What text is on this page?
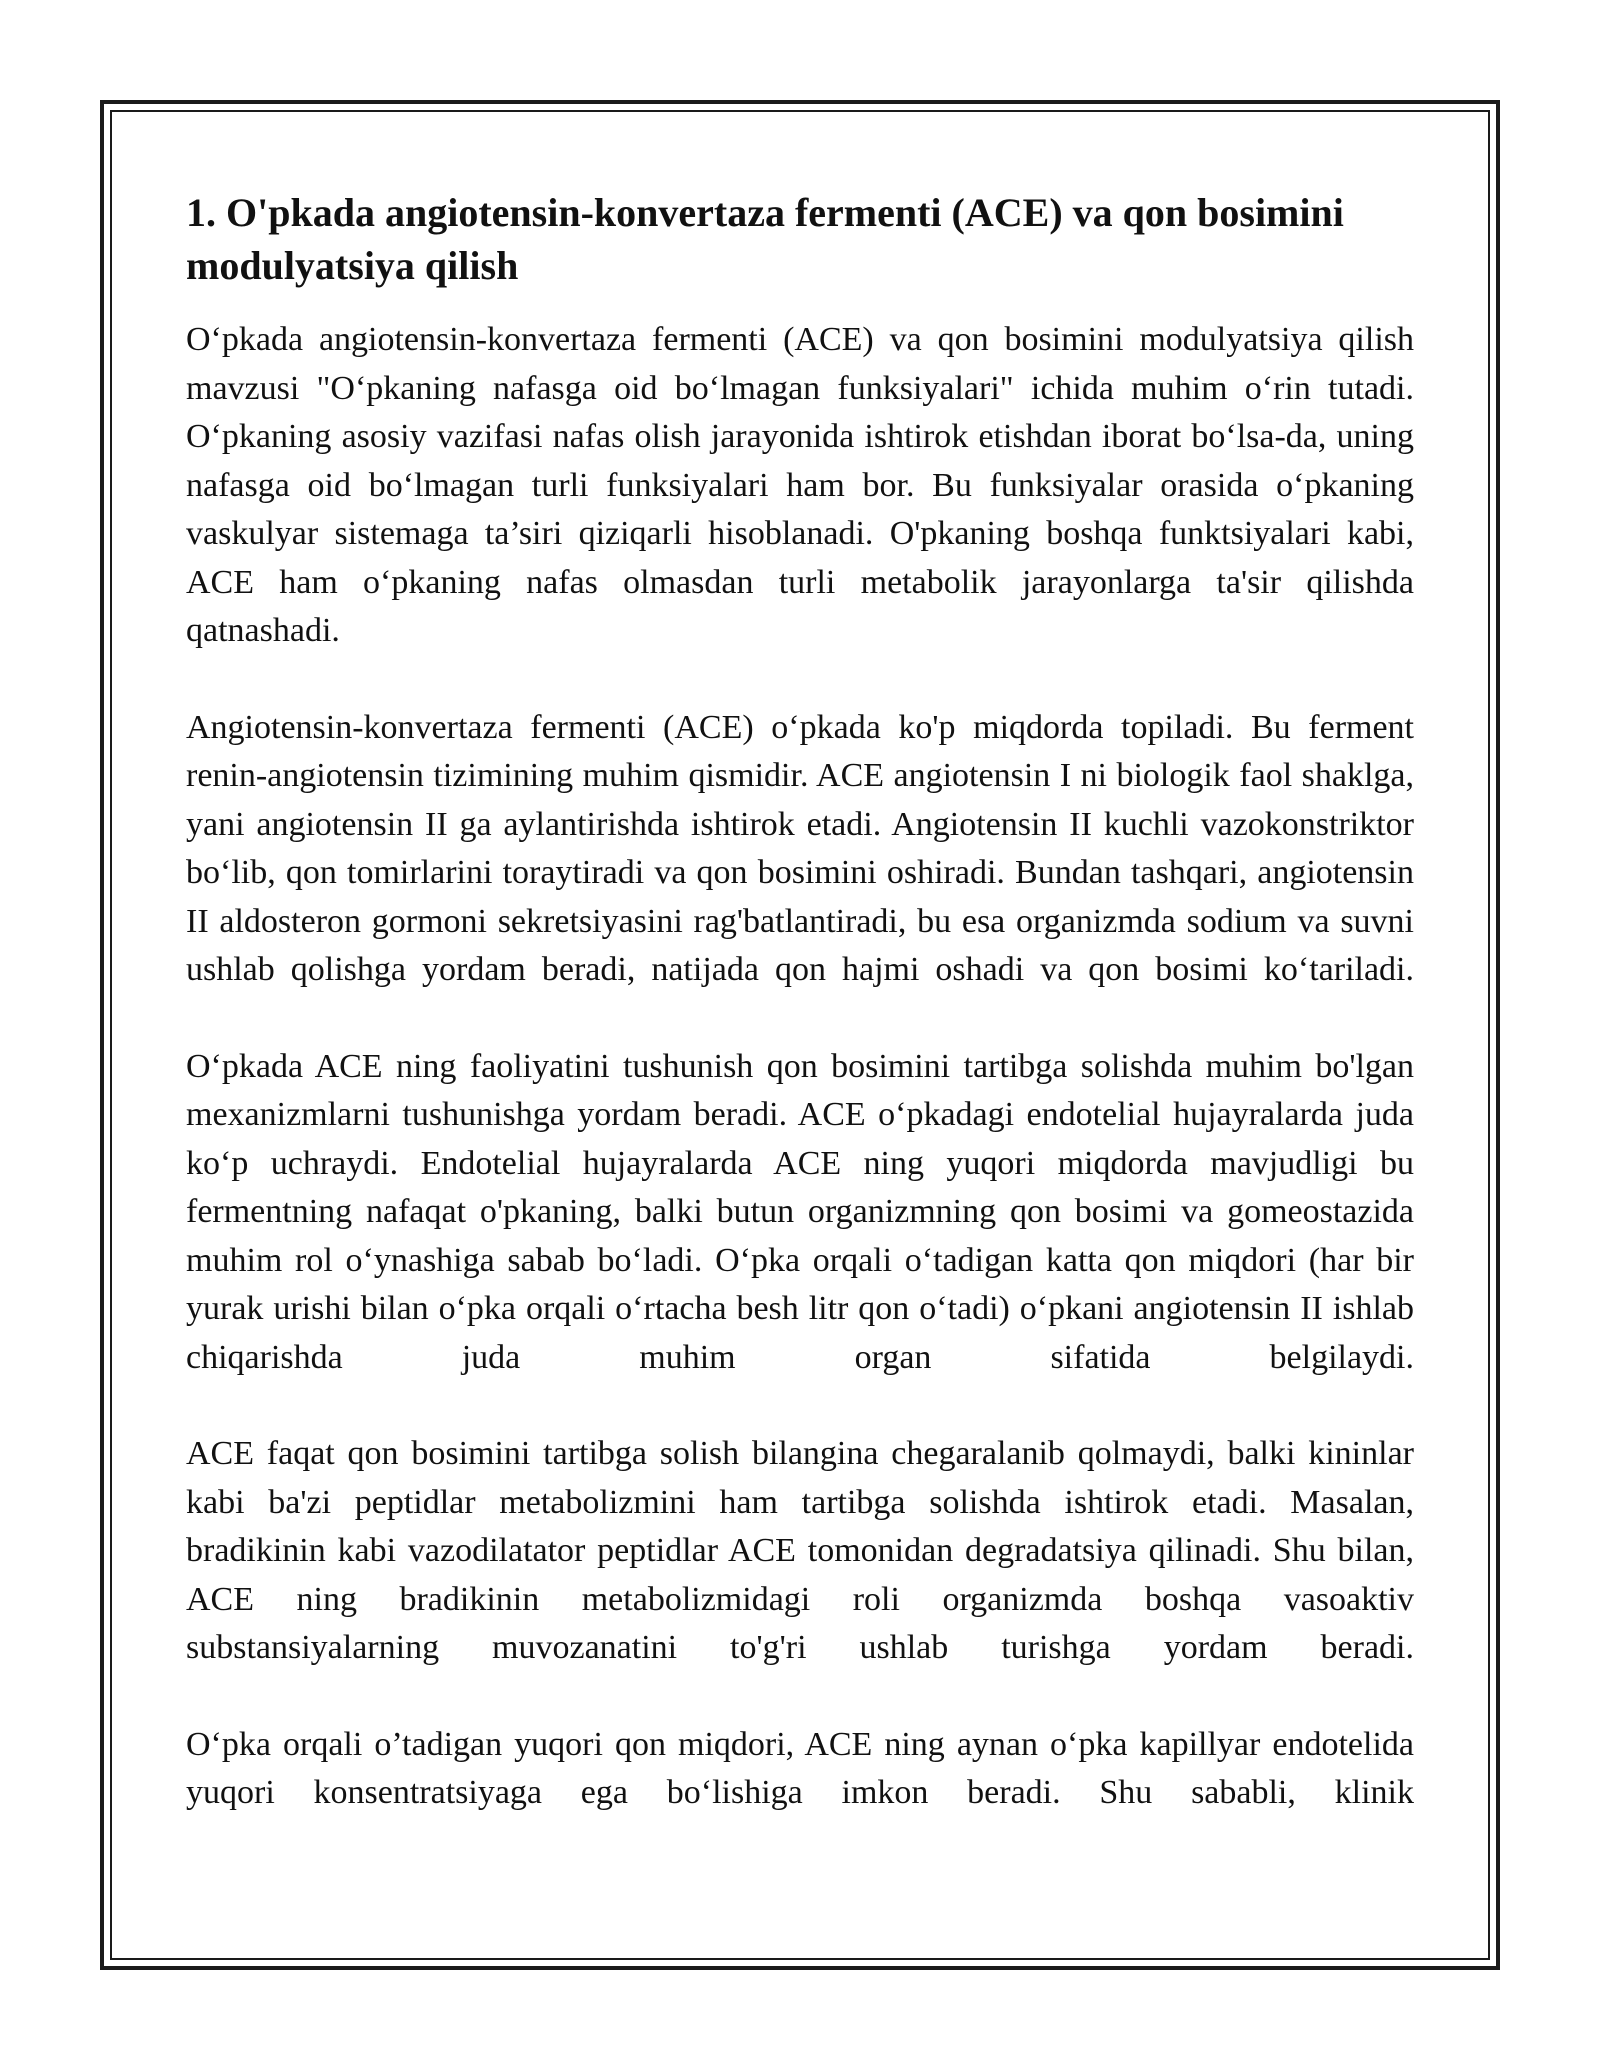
1. O'pkada angiotensin-konvertaza fermenti (ACE) va qon bosimini modulyatsiya qilish

O‘pkada angiotensin-konvertaza fermenti (ACE) va qon bosimini modulyatsiya qilish mavzusi "O‘pkaning nafasga oid bo‘lmagan funksiyalari" ichida muhim o‘rin tutadi. O‘pkaning asosiy vazifasi nafas olish jarayonida ishtirok etishdan iborat bo‘lsa-da, uning nafasga oid bo‘lmagan turli funksiyalari ham bor. Bu funksiyalar orasida o‘pkaning vaskulyar sistemaga ta’siri qiziqarli hisoblanadi. O'pkaning boshqa funktsiyalari kabi, ACE ham o‘pkaning nafas olmasdan turli metabolik jarayonlarga ta'sir qilishda qatnashadi.

Angiotensin-konvertaza fermenti (ACE) o‘pkada ko'p miqdorda topiladi. Bu ferment renin-angiotensin tizimining muhim qismidir. ACE angiotensin I ni biologik faol shaklga, yani angiotensin II ga aylantirishda ishtirok etadi. Angiotensin II kuchli vazokonstriktor bo‘lib, qon tomirlarini toraytiradi va qon bosimini oshiradi. Bundan tashqari, angiotensin II aldosteron gormoni sekretsiyasini rag'batlantiradi, bu esa organizmda sodium va suvni ushlab qolishga yordam beradi, natijada qon hajmi oshadi va qon bosimi ko‘tariladi.

O‘pkada ACE ning faoliyatini tushunish qon bosimini tartibga solishda muhim bo'lgan mexanizmlarni tushunishga yordam beradi. ACE o‘pkadagi endotelial hujayralarda juda ko‘p uchraydi. Endotelial hujayralarda ACE ning yuqori miqdorda mavjudligi bu fermentning nafaqat o'pkaning, balki butun organizmning qon bosimi va gomeostazida muhim rol o‘ynashiga sabab bo‘ladi. O‘pka orqali o‘tadigan katta qon miqdori (har bir yurak urishi bilan o‘pka orqali o‘rtacha besh litr qon o‘tadi) o‘pkani angiotensin II ishlab chiqarishda juda muhim organ sifatida belgilaydi.

ACE faqat qon bosimini tartibga solish bilangina chegaralanib qolmaydi, balki kininlar kabi ba'zi peptidlar metabolizmini ham tartibga solishda ishtirok etadi. Masalan, bradikinin kabi vazodilatator peptidlar ACE tomonidan degradatsiya qilinadi. Shu bilan, ACE ning bradikinin metabolizmidagi roli organizmda boshqa vasoaktiv substansiyalarning muvozanatini to'g'ri ushlab turishga yordam beradi.

O‘pka orqali o’tadigan yuqori qon miqdori, ACE ning aynan o‘pka kapillyar endotelida yuqori konsentratsiyaga ega bo‘lishiga imkon beradi. Shu sababli, klinik
